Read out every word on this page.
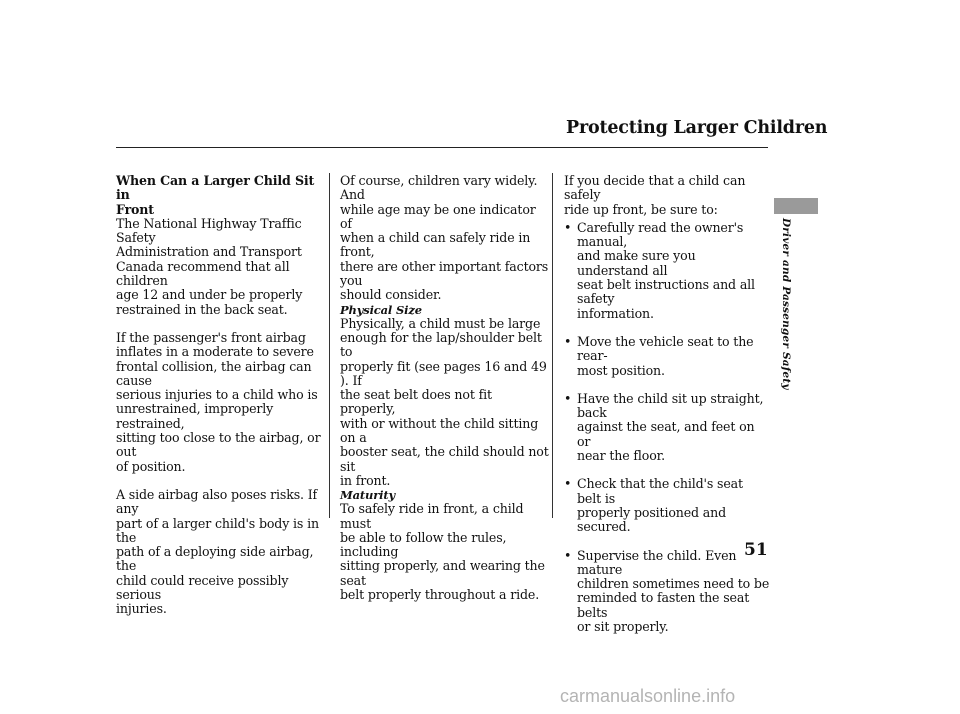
Protecting Larger Children
Driver and Passenger Safety
When Can a Larger Child Sit in
Front

The National Highway Traffic Safety
Administration and Transport
Canada recommend that all children
age 12 and under be properly
restrained in the back seat.

If the passenger's front airbag
inflates in a moderate to severe
frontal collision, the airbag can cause
serious injuries to a child who is
unrestrained, improperly restrained,
sitting too close to the airbag, or out
of position.

A side airbag also poses risks. If any
part of a larger child's body is in the
path of a deploying side airbag, the
child could receive possibly serious
injuries.

Of course, children vary widely. And
while age may be one indicator of
when a child can safely ride in front,
there are other important factors you
should consider.

Physical Size

Physically, a child must be large
enough for the lap/shoulder belt to
properly fit (see pages 16 and 49 ). If
the seat belt does not fit properly,
with or without the child sitting on a
booster seat, the child should not sit
in front.

Maturity

To safely ride in front, a child must
be able to follow the rules, including
sitting properly, and wearing the seat
belt properly throughout a ride.

If you decide that a child can safely
ride up front, be sure to:

• Carefully read the owner's manual,
and make sure you understand all
seat belt instructions and all safety
information.
• Move the vehicle seat to the rear-
most position.
• Have the child sit up straight, back
against the seat, and feet on or
near the floor.
• Check that the child's seat belt is
properly positioned and secured.
• Supervise the child. Even mature
children sometimes need to be
reminded to fasten the seat belts
or sit properly.
51
carmanualsonline.info
